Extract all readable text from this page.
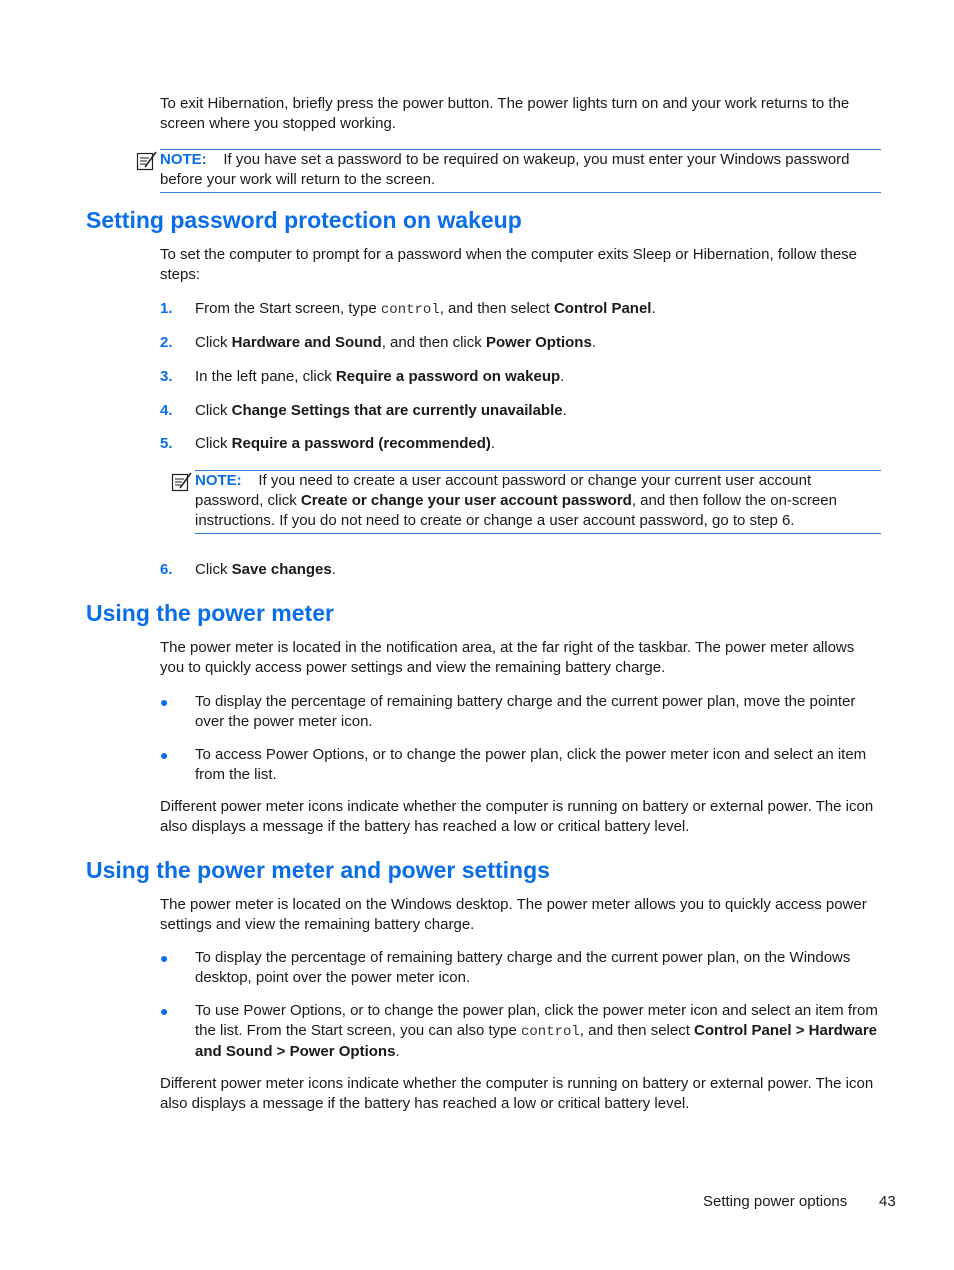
To exit Hibernation, briefly press the power button. The power lights turn on and your work returns to the screen where you stopped working.

NOTE: If you have set a password to be required on wakeup, you must enter your Windows password before your work will return to the screen.
Setting password protection on wakeup

To set the computer to prompt for a password when the computer exits Sleep or Hibernation, follow these steps:

1. From the Start screen, type control, and then select Control Panel.
2. Click Hardware and Sound, and then click Power Options.
3. In the left pane, click Require a password on wakeup.
4. Click Change Settings that are currently unavailable.
5. Click Require a password (recommended).
NOTE: If you need to create a user account password or change your current user account password, click Create or change your user account password, and then follow the on-screen instructions. If you do not need to create or change a user account password, go to step 6.
6. Click Save changes.
Using the power meter

The power meter is located in the notification area, at the far right of the taskbar. The power meter allows you to quickly access power settings and view the remaining battery charge.

● To display the percentage of remaining battery charge and the current power plan, move the pointer over the power meter icon.
● To access Power Options, or to change the power plan, click the power meter icon and select an item from the list.

Different power meter icons indicate whether the computer is running on battery or external power. The icon also displays a message if the battery has reached a low or critical battery level.

Using the power meter and power settings

The power meter is located on the Windows desktop. The power meter allows you to quickly access power settings and view the remaining battery charge.

● To display the percentage of remaining battery charge and the current power plan, on the Windows desktop, point over the power meter icon.
● To use Power Options, or to change the power plan, click the power meter icon and select an item from the list. From the Start screen, you can also type control, and then select Control Panel > Hardware and Sound > Power Options.

Different power meter icons indicate whether the computer is running on battery or external power. The icon also displays a message if the battery has reached a low or critical battery level.

Setting power options 43
